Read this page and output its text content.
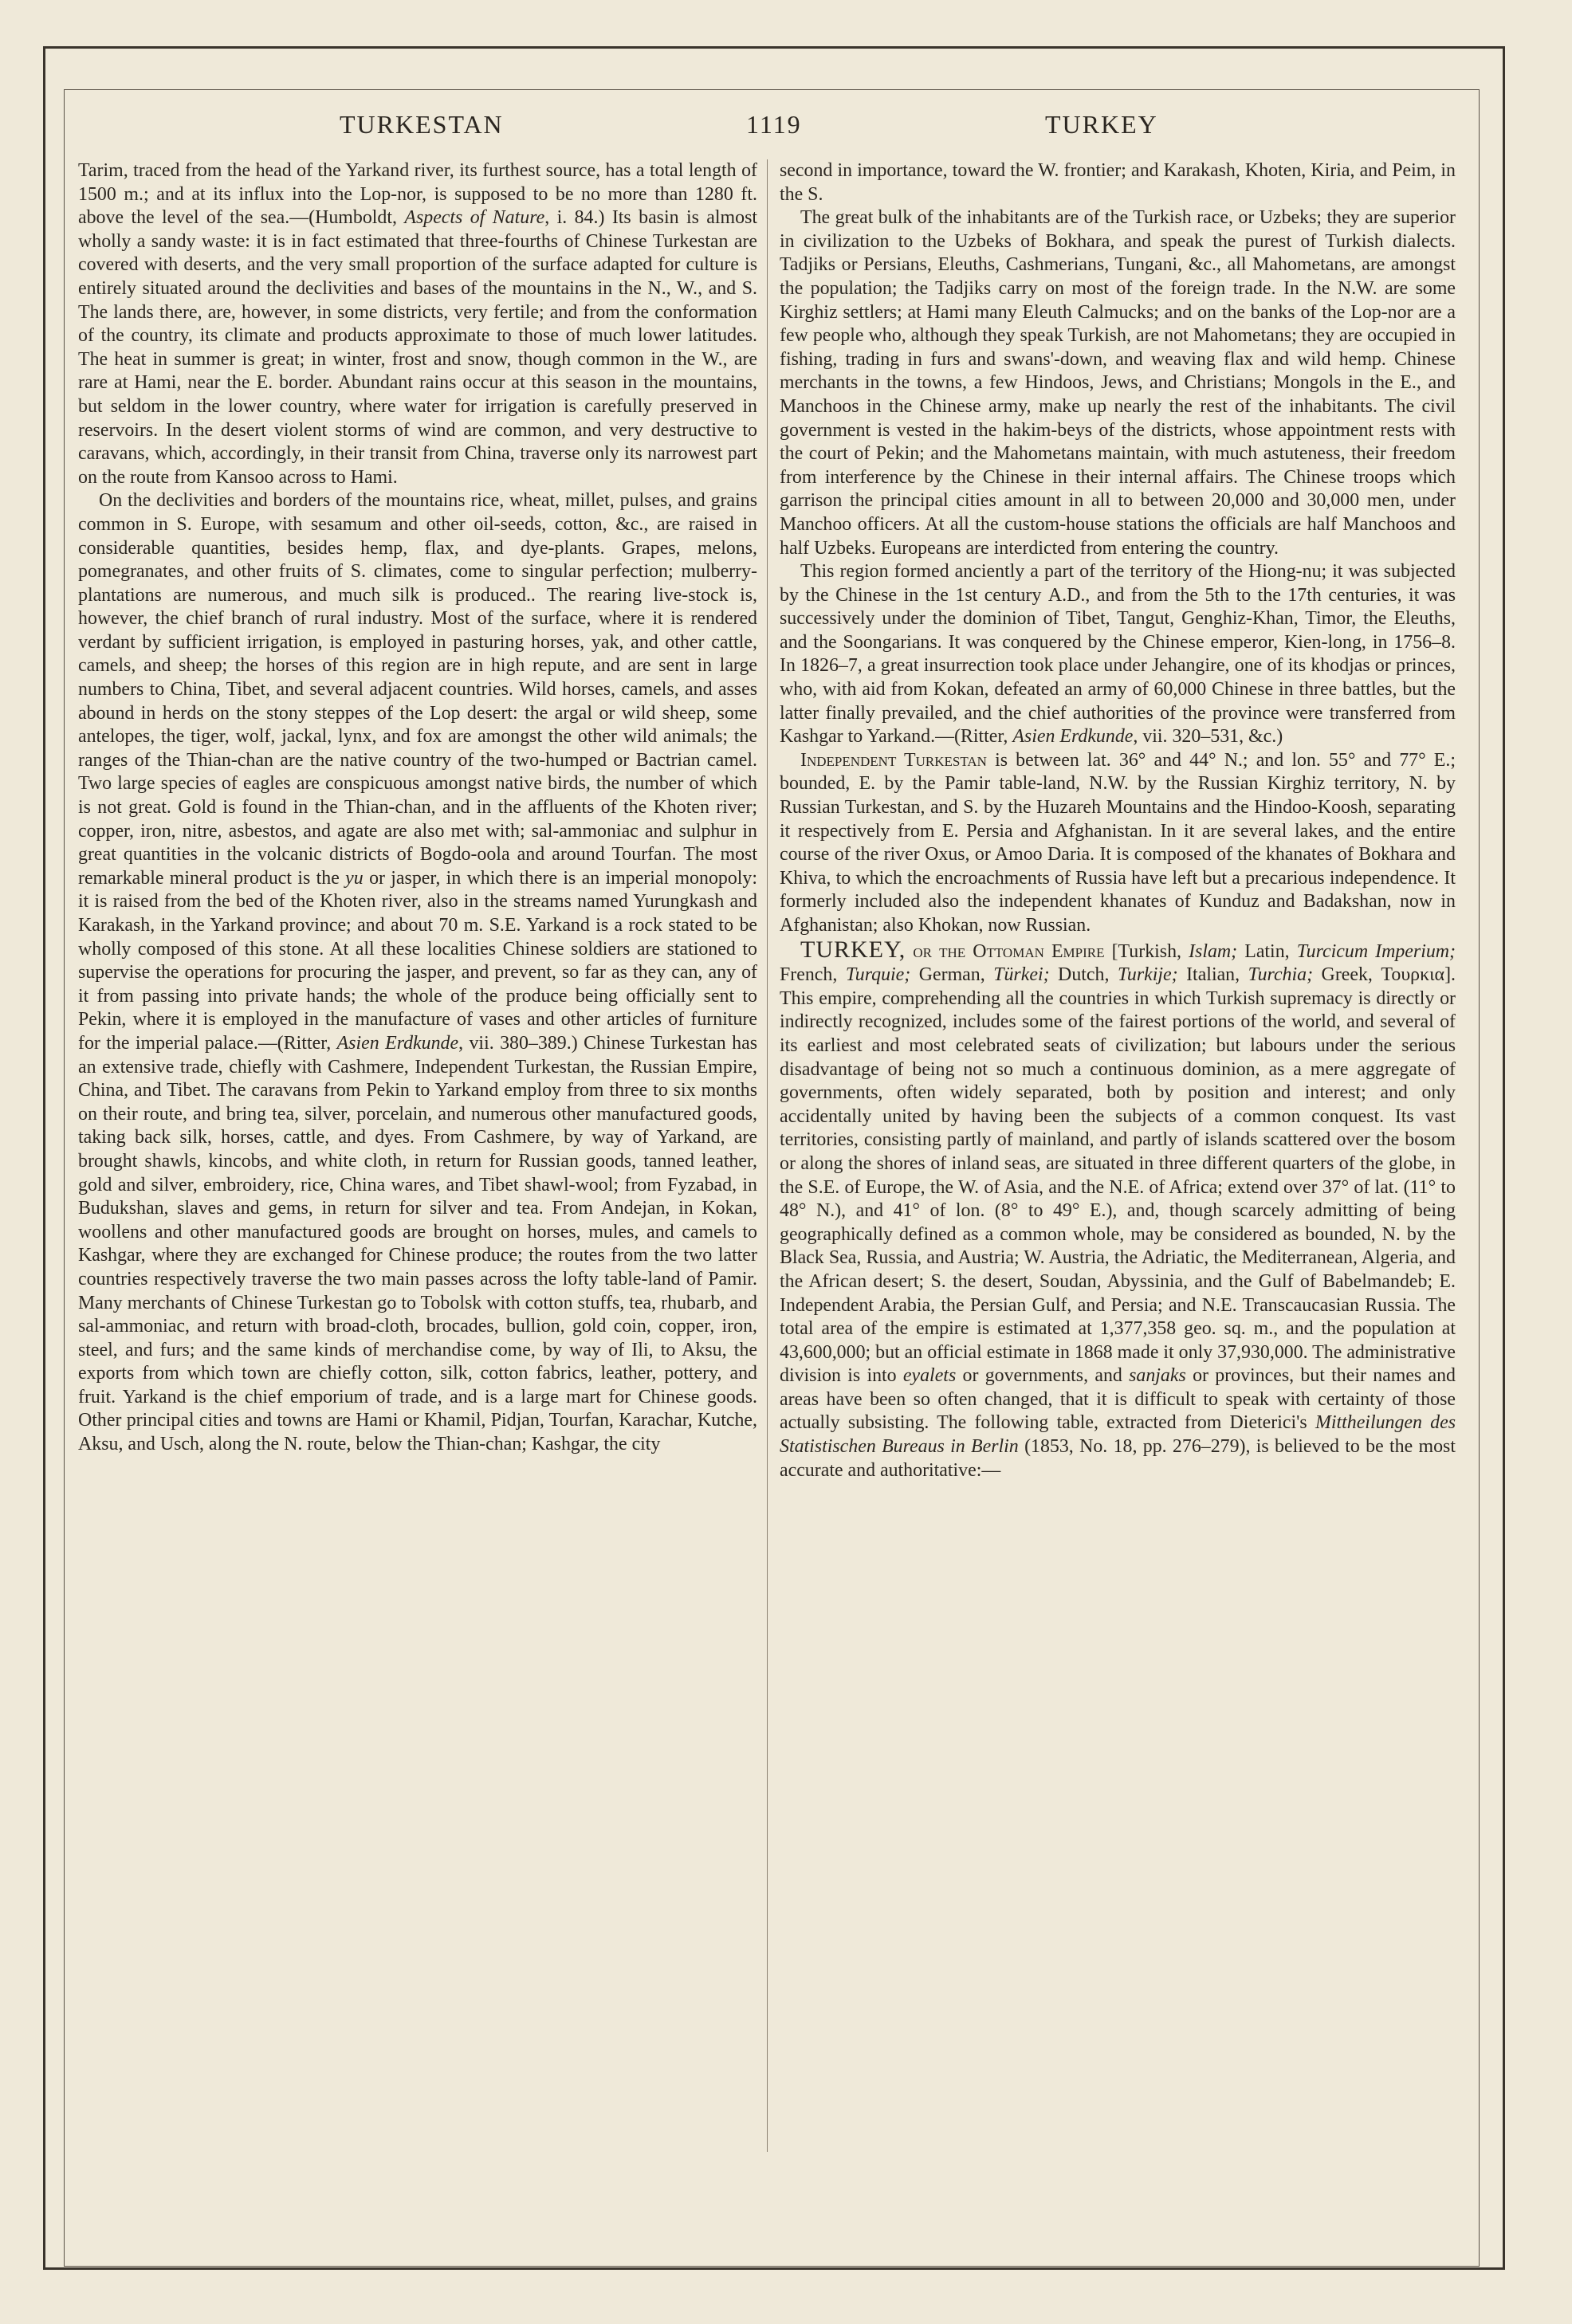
TURKESTAN	1119	TURKEY

Tarim, traced from the head of the Yarkand river, its furthest source, has a total length of 1500 m.; and at its influx into the Lop-nor, is supposed to be no more than 1280 ft. above the level of the sea.—(Humboldt, Aspects of Nature, i. 84.) Its basin is almost wholly a sandy waste: it is in fact estimated that three-fourths of Chinese Turkestan are covered with deserts, and the very small proportion of the surface adapted for culture is entirely situated around the declivities and bases of the mountains in the N., W., and S. The lands there, are, however, in some districts, very fertile; and from the conformation of the country, its climate and products approximate to those of much lower latitudes. The heat in summer is great; in winter, frost and snow, though common in the W., are rare at Hami, near the E. border. Abundant rains occur at this season in the mountains, but seldom in the lower country, where water for irrigation is carefully preserved in reservoirs. In the desert violent storms of wind are common, and very destructive to caravans, which, accordingly, in their transit from China, traverse only its narrowest part on the route from Kansoo across to Hami.

On the declivities and borders of the mountains rice, wheat, millet, pulses, and grains common in S. Europe, with sesamum and other oil-seeds, cotton, &c., are raised in considerable quantities, besides hemp, flax, and dye-plants. Grapes, melons, pomegranates, and other fruits of S. climates, come to singular perfection; mulberry-plantations are numerous, and much silk is produced.. The rearing live-stock is, however, the chief branch of rural industry. Most of the surface, where it is rendered verdant by sufficient irrigation, is employed in pasturing horses, yak, and other cattle, camels, and sheep; the horses of this region are in high repute, and are sent in large numbers to China, Tibet, and several adjacent countries. Wild horses, camels, and asses abound in herds on the stony steppes of the Lop desert: the argal or wild sheep, some antelopes, the tiger, wolf, jackal, lynx, and fox are amongst the other wild animals; the ranges of the Thian-chan are the native country of the two-humped or Bactrian camel. Two large species of eagles are conspicuous amongst native birds, the number of which is not great. Gold is found in the Thian-chan, and in the affluents of the Khoten river; copper, iron, nitre, asbestos, and agate are also met with; sal-ammoniac and sulphur in great quantities in the volcanic districts of Bogdo-oola and around Tourfan. The most remarkable mineral product is the yu or jasper, in which there is an imperial monopoly: it is raised from the bed of the Khoten river, also in the streams named Yurungkash and Karakash, in the Yarkand province; and about 70 m. S.E. Yarkand is a rock stated to be wholly composed of this stone. At all these localities Chinese soldiers are stationed to supervise the operations for procuring the jasper, and prevent, so far as they can, any of it from passing into private hands; the whole of the produce being officially sent to Pekin, where it is employed in the manufacture of vases and other articles of furniture for the imperial palace.—(Ritter, Asien Erdkunde, vii. 380–389.) Chinese Turkestan has an extensive trade, chiefly with Cashmere, Independent Turkestan, the Russian Empire, China, and Tibet. The caravans from Pekin to Yarkand employ from three to six months on their route, and bring tea, silver, porcelain, and numerous other manufactured goods, taking back silk, horses, cattle, and dyes. From Cashmere, by way of Yarkand, are brought shawls, kincobs, and white cloth, in return for Russian goods, tanned leather, gold and silver, embroidery, rice, China wares, and Tibet shawl-wool; from Fyzabad, in Budukshan, slaves and gems, in return for silver and tea. From Andejan, in Kokan, woollens and other manufactured goods are brought on horses, mules, and camels to Kashgar, where they are exchanged for Chinese produce; the routes from the two latter countries respectively traverse the two main passes across the lofty table-land of Pamir. Many merchants of Chinese Turkestan go to Tobolsk with cotton stuffs, tea, rhubarb, and sal-ammoniac, and return with broad-cloth, brocades, bullion, gold coin, copper, iron, steel, and furs; and the same kinds of merchandise come, by way of Ili, to Aksu, the exports from which town are chiefly cotton, silk, cotton fabrics, leather, pottery, and fruit. Yarkand is the chief emporium of trade, and is a large mart for Chinese goods. Other principal cities and towns are Hami or Khamil, Pidjan, Tourfan, Karachar, Kutche, Aksu, and Usch, along the N. route, below the Thian-chan; Kashgar, the city

second in importance, toward the W. frontier; and Karakash, Khoten, Kiria, and Peim, in the S.

The great bulk of the inhabitants are of the Turkish race, or Uzbeks; they are superior in civilization to the Uzbeks of Bokhara, and speak the purest of Turkish dialects. Tadjiks or Persians, Eleuths, Cashmerians, Tungani, &c., all Mahometans, are amongst the population; the Tadjiks carry on most of the foreign trade. In the N.W. are some Kirghiz settlers; at Hami many Eleuth Calmucks; and on the banks of the Lop-nor are a few people who, although they speak Turkish, are not Mahometans; they are occupied in fishing, trading in furs and swans'-down, and weaving flax and wild hemp. Chinese merchants in the towns, a few Hindoos, Jews, and Christians; Mongols in the E., and Manchoos in the Chinese army, make up nearly the rest of the inhabitants. The civil government is vested in the hakim-beys of the districts, whose appointment rests with the court of Pekin; and the Mahometans maintain, with much astuteness, their freedom from interference by the Chinese in their internal affairs. The Chinese troops which garrison the principal cities amount in all to between 20,000 and 30,000 men, under Manchoo officers. At all the custom-house stations the officials are half Manchoos and half Uzbeks. Europeans are interdicted from entering the country.

This region formed anciently a part of the territory of the Hiong-nu; it was subjected by the Chinese in the 1st century A.D., and from the 5th to the 17th centuries, it was successively under the dominion of Tibet, Tangut, Genghiz-Khan, Timor, the Eleuths, and the Soongarians. It was conquered by the Chinese emperor, Kien-long, in 1756–8. In 1826–7, a great insurrection took place under Jehangire, one of its khodjas or princes, who, with aid from Kokan, defeated an army of 60,000 Chinese in three battles, but the latter finally prevailed, and the chief authorities of the province were transferred from Kashgar to Yarkand.—(Ritter, Asien Erdkunde, vii. 320–531, &c.)

Independent Turkestan is between lat. 36° and 44° N.; and lon. 55° and 77° E.; bounded, E. by the Pamir table-land, N.W. by the Russian Kirghiz territory, N. by Russian Turkestan, and S. by the Huzareh Mountains and the Hindoo-Koosh, separating it respectively from E. Persia and Afghanistan. In it are several lakes, and the entire course of the river Oxus, or Amoo Daria. It is composed of the khanates of Bokhara and Khiva, to which the encroachments of Russia have left but a precarious independence. It formerly included also the independent khanates of Kunduz and Badakshan, now in Afghanistan; also Khokan, now Russian.

TURKEY, or the Ottoman Empire [Turkish, Islam; Latin, Turcicum Imperium; French, Turquie; German, Türkei; Dutch, Turkije; Italian, Turchia; Greek, Τουρκια]. This empire, comprehending all the countries in which Turkish supremacy is directly or indirectly recognized, includes some of the fairest portions of the world, and several of its earliest and most celebrated seats of civilization; but labours under the serious disadvantage of being not so much a continuous dominion, as a mere aggregate of governments, often widely separated, both by position and interest; and only accidentally united by having been the subjects of a common conquest. Its vast territories, consisting partly of mainland, and partly of islands scattered over the bosom or along the shores of inland seas, are situated in three different quarters of the globe, in the S.E. of Europe, the W. of Asia, and the N.E. of Africa; extend over 37° of lat. (11° to 48° N.), and 41° of lon. (8° to 49° E.), and, though scarcely admitting of being geographically defined as a common whole, may be considered as bounded, N. by the Black Sea, Russia, and Austria; W. Austria, the Adriatic, the Mediterranean, Algeria, and the African desert; S. the desert, Soudan, Abyssinia, and the Gulf of Babelmandeb; E. Independent Arabia, the Persian Gulf, and Persia; and N.E. Transcaucasian Russia. The total area of the empire is estimated at 1,377,358 geo. sq. m., and the population at 43,600,000; but an official estimate in 1868 made it only 37,930,000. The administrative division is into eyalets or governments, and sanjaks or provinces, but their names and areas have been so often changed, that it is difficult to speak with certainty of those actually subsisting. The following table, extracted from Dieterici's Mittheilungen des Statistischen Bureaus in Berlin (1853, No. 18, pp. 276–279), is believed to be the most accurate and authoritative:—
